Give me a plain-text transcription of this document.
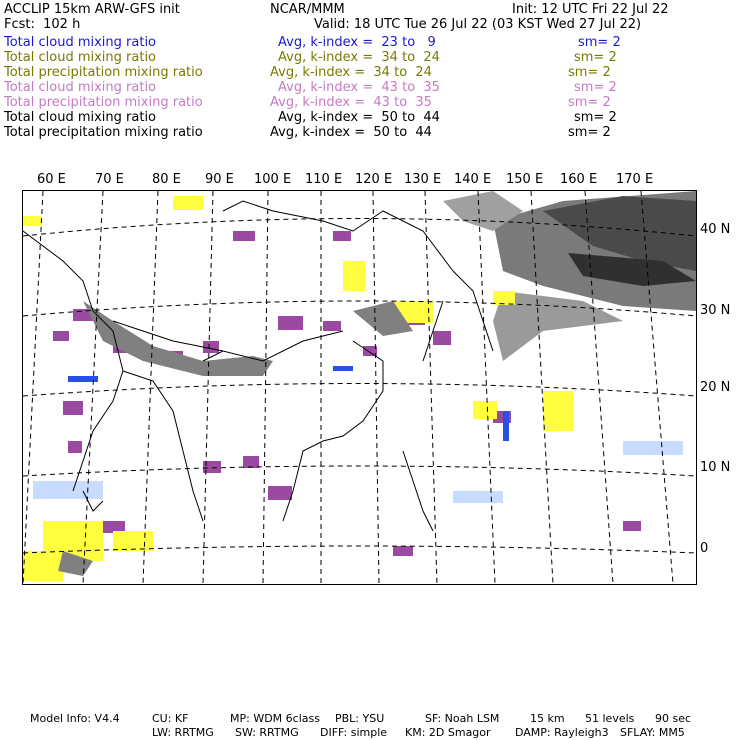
ACCLIP 15km ARW-GFS init	NCAR/MMM	Init: 12 UTC Fri 22 Jul 22
Fcst:  102 h	Valid: 18 UTC Tue 26 Jul 22 (03 KST Wed 27 Jul 22)
Total cloud mixing ratio	Avg, k-index =  23 to   9	sm= 2
Total cloud mixing ratio	Avg, k-index =  34 to  24	sm= 2
Total precipitation mixing ratio	Avg, k-index =  34 to  24	sm= 2
Total cloud mixing ratio	Avg, k-index =  43 to  35	sm= 2
Total precipitation mixing ratio	Avg, k-index =  43 to  35	sm= 2
Total cloud mixing ratio	Avg, k-index =  50 to  44	sm= 2
Total precipitation mixing ratio	Avg, k-index =  50 to  44	sm= 2
60 E 70 E 80 E 90 E 100 E 110 E 120 E 130 E 140 E 150 E 160 E 170 E
40 N
30 N
20 N
10 N
0
Model Info: V4.4	CU: KF	MP: WDM 6class PBL: YSU	SF: Noah LSM	15 km 51 levels 90 sec
LW: RRTMG SW: RRTMG DIFF: simple KM: 2D Smagor DAMP: Rayleigh3 SFLAY: MM5
